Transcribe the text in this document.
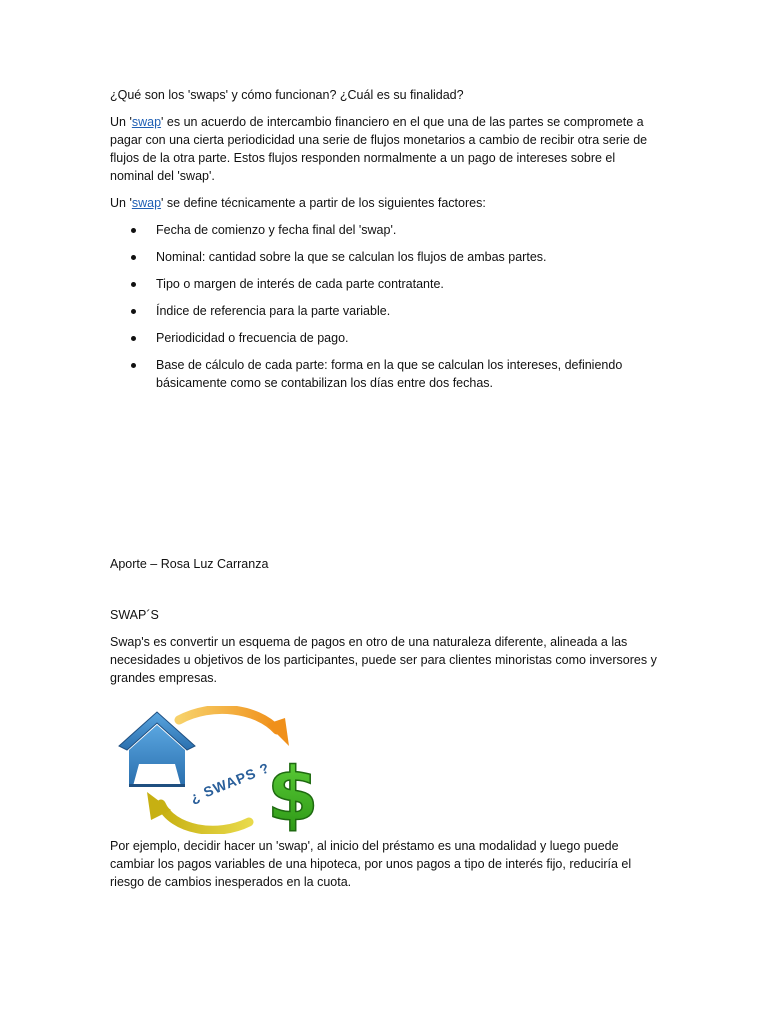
¿Qué son los 'swaps' y cómo funcionan? ¿Cuál es su finalidad?

Un 'swap' es un acuerdo de intercambio financiero en el que una de las partes se compromete a pagar con una cierta periodicidad una serie de flujos monetarios a cambio de recibir otra serie de flujos de la otra parte. Estos flujos responden normalmente a un pago de intereses sobre el nominal del 'swap'.

Un 'swap' se define técnicamente a partir de los siguientes factores:

Fecha de comienzo y fecha final del 'swap'.
Nominal: cantidad sobre la que se calculan los flujos de ambas partes.
Tipo o margen de interés de cada parte contratante.
Índice de referencia para la parte variable.
Periodicidad o frecuencia de pago.
Base de cálculo de cada parte: forma en la que se calculan los intereses, definiendo básicamente como se contabilizan los días entre dos fechas.

Aporte – Rosa Luz Carranza

SWAP´S

Swap's es convertir un esquema de pagos en otro de una naturaleza diferente, alineada a las necesidades u objetivos de los participantes, puede ser para clientes minoristas como inversores y grandes empresas.

Por ejemplo, decidir hacer un 'swap', al inicio del préstamo es una modalidad y luego puede cambiar los pagos variables de una hipoteca, por unos pagos a tipo de interés fijo, reduciría el riesgo de cambios inesperados en la cuota.

¿ SWAPS ?
$
